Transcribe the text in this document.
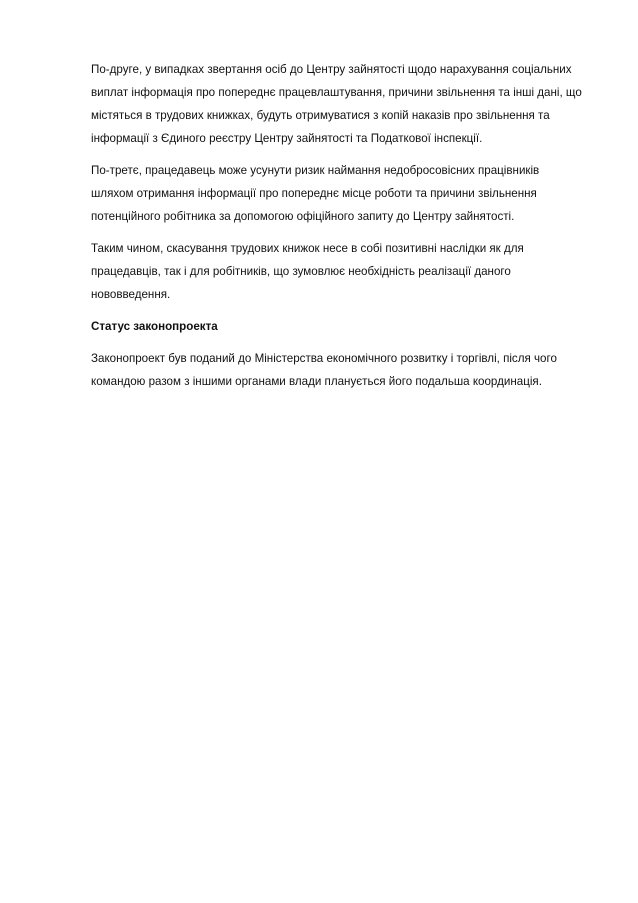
По-друге, у випадках звертання осіб до Центру зайнятості щодо нарахування соціальних
виплат інформація про попереднє працевлаштування, причини звільнення та інші дані, що
містяться в трудових книжках, будуть отримуватися з копій наказів про звільнення та
інформації з Єдиного реєстру Центру зайнятості та Податкової інспекції.

По-третє, працедавець може усунути ризик наймання недобросовісних працівників
шляхом отримання інформації про попереднє місце роботи та причини звільнення
потенційного робітника за допомогою офіційного запиту до Центру зайнятості.

Таким чином, скасування трудових книжок несе в собі позитивні наслідки як для
працедавців, так і для робітників, що зумовлює необхідність реалізації даного
нововведення.

Статус законопроекта

Законопроект був поданий до Міністерства економічного розвитку і торгівлі, після чого
командою разом з іншими органами влади планується його подальша координація.
